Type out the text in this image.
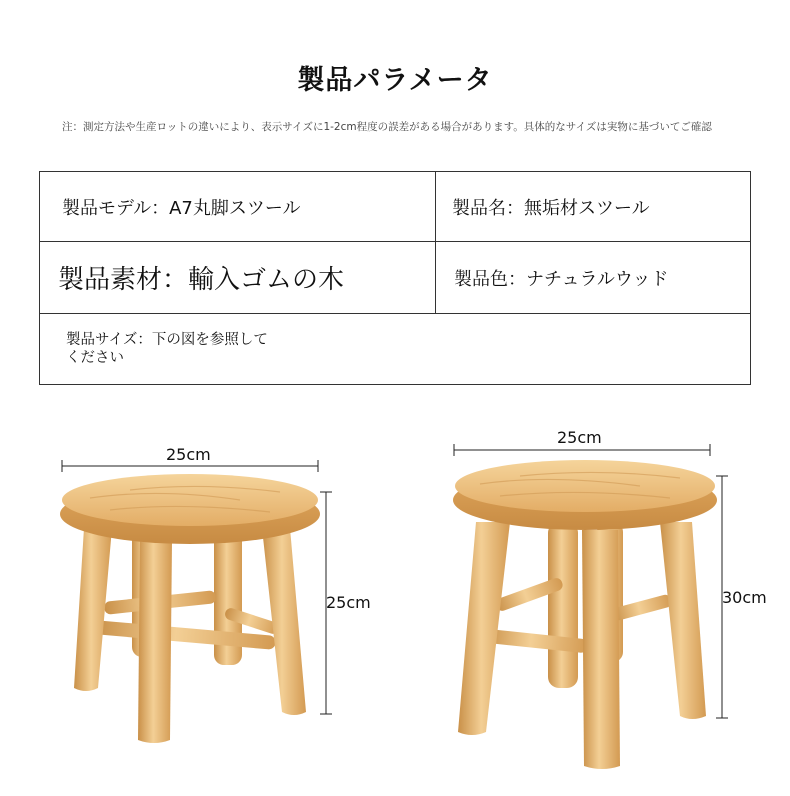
製品パラメータ
注：測定方法や生産ロットの違いにより、表示サイズに1-2cm程度の誤差がある場合があります。具体的なサイズは実物に基づいてご確認
製品モデル：A7丸脚スツール	製品名：無垢材スツール
製品素材：輸入ゴムの木	製品色：ナチュラルウッド

製品サイズ：下の図を参照して
ください	
25cm
25cm
25cm
30cm
